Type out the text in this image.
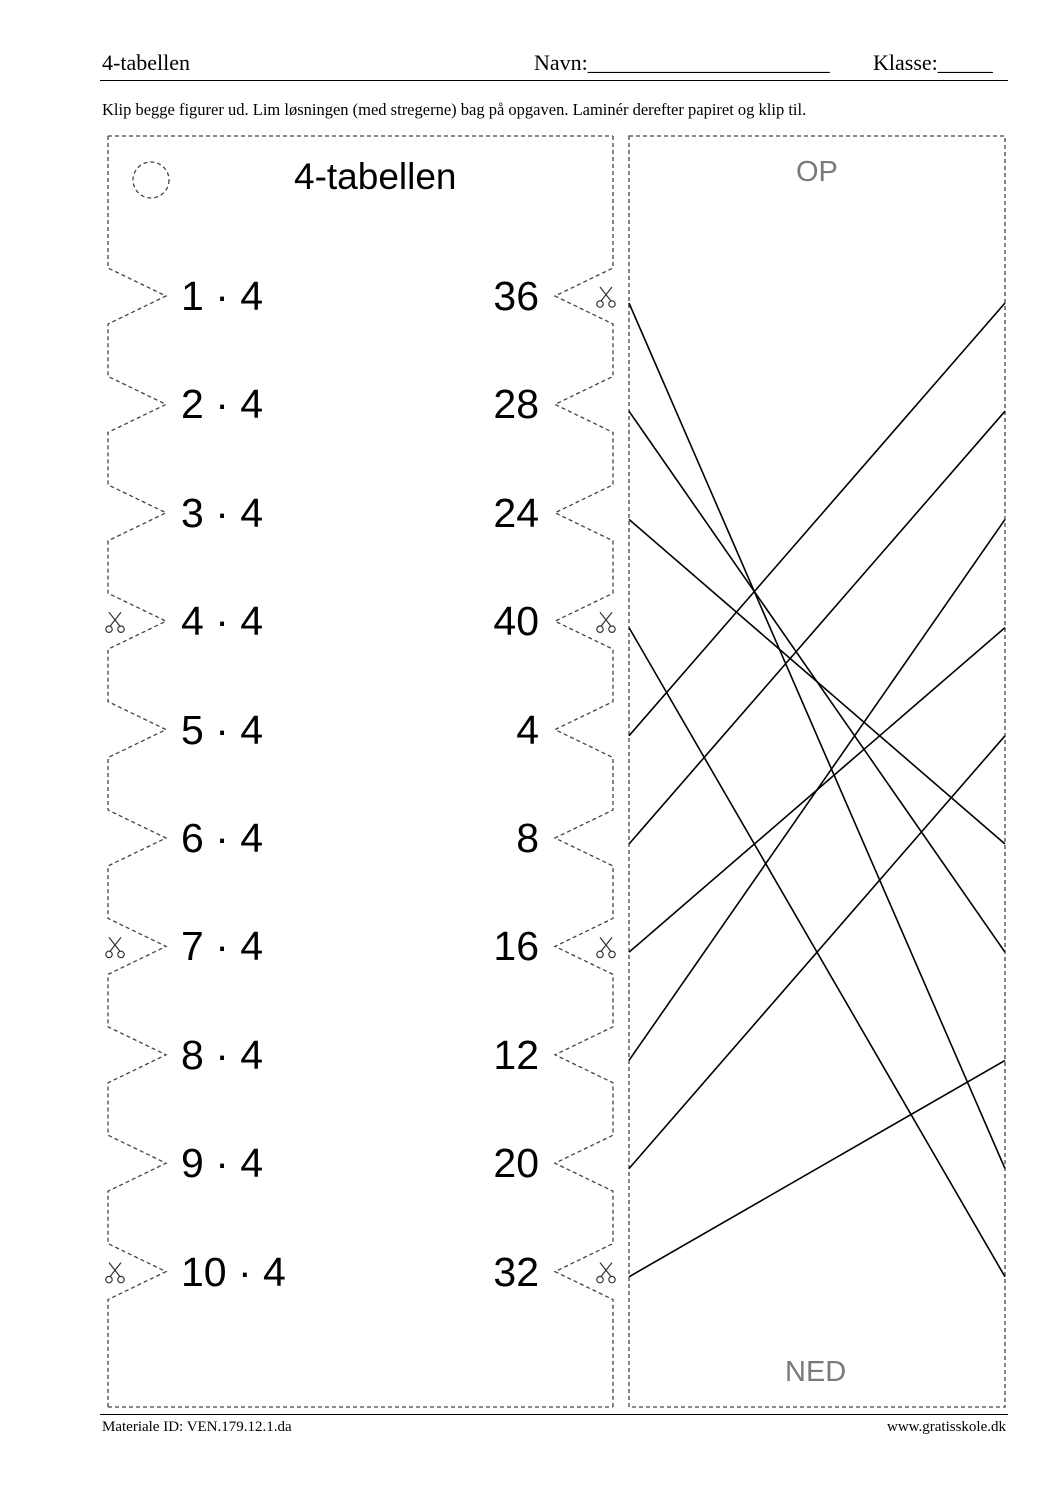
4-tabellen	Navn:______________________ Klasse:_____
Klip begge figurer ud. Lim løsningen (med stregerne) bag på opgaven. Laminér derefter papiret og klip til.
4-tabellen
1 · 4
2 · 4
3 · 4
4 · 4
5 · 4
6 · 4
7 · 4
8 · 4
9 · 4
10 · 4
36
28
24
40
4
8
16
12
20
32
OP
NED
Materiale ID: VEN.179.12.1.da	www.gratisskole.dk
